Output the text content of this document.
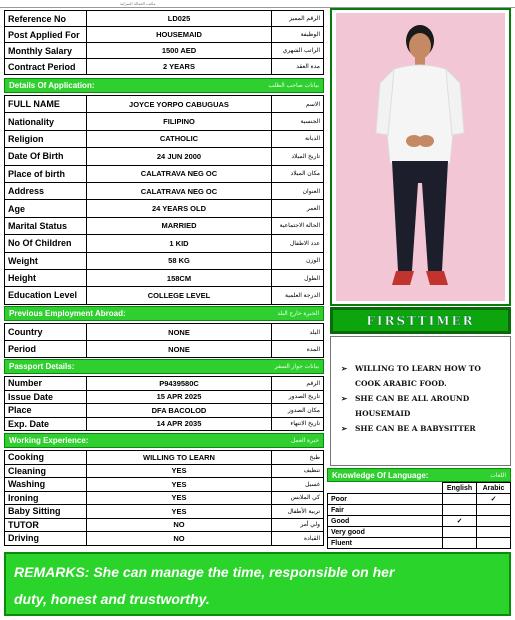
مكتب العمالة المنزلية
Reference No	LD025	الرقم المميز
Post Applied For	HOUSEMAID	الوظيفة
Monthly Salary	1500 AED	الراتب الشهري
Contract Period	2 YEARS	مدة العقد
Details Of Application:	بيانات صاحب الطلب
FULL NAME	JOYCE YORPO CABUGUAS	الاسم
Nationality	FILIPINO	الجنسية
Religion	CATHOLIC	الديانة
Date Of Birth	24 JUN 2000	تاريخ الميلاد
Place of birth	CALATRAVA NEG OC	مكان الميلاد
Address	CALATRAVA NEG OC	العنوان
Age	24 YEARS OLD	العمر
Marital Status	MARRIED	الحالة الاجتماعية
No Of Children	1 KID	عدد الاطفال
Weight	58 KG	الوزن
Height	158CM	الطول
Education Level	COLLEGE LEVEL	الدرجة العلمية
Previous Employment Abroad:	الخبرة خارج البلد
Country	NONE	البلد
Period	NONE	المدة
Passport Details:	بيانات جواز السفر
Number	P9439580C	الرقم
Issue Date	15 APR 2025	تاريخ الصدور
Place	DFA BACOLOD	مكان الصدور
Exp. Date	14 APR 2035	تاريخ الانتهاء
Working Experience:	خبرة العمل
Cooking	WILLING TO LEARN	طبخ
Cleaning	YES	تنظيف
Washing	YES	غسيل
Ironing	YES	كي الملابس
Baby Sitting	YES	تربية الأطفال
TUTOR	NO	ولي أمر
Driving	NO	القيادة
FIRSTTIMER
➢ WILLING TO LEARN HOW TO
COOK ARABIC FOOD.
➢ SHE CAN BE ALL AROUND
HOUSEMAID
➢ SHE CAN BE A BABYSITTER
Knowledge Of Language:	اللغات
	English	Arabic
Poor		✓
Fair		
Good	✓	
Very good		
Fluent		

REMARKS: She can manage the time, responsible on her

duty, honest and trustworthy.
